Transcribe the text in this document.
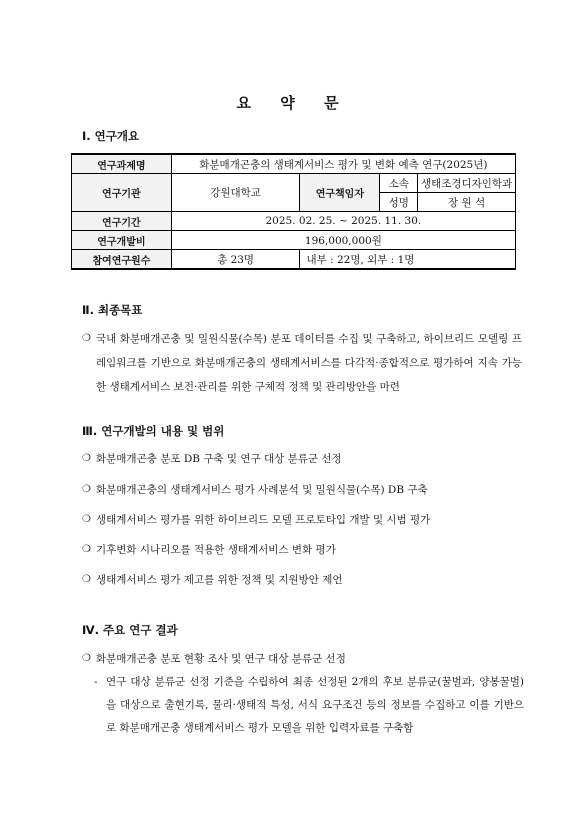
요 약 문
Ⅰ. 연구개요
연구과제명	화분매개곤충의 생태계서비스 평가 및 변화 예측 연구(2025년)			
연구기관	강원대학교	연구책임자	소속	생태조경디자인학과
			성명	장 원 석
연구기간	2025. 02. 25. ~ 2025. 11. 30.			
연구개발비	196,000,000원			
참여연구원수	총 23명	내부 : 22명, 외부 : 1명		
Ⅱ. 최종목표
❍ 국내 화분매개곤충 및 밀원식물(수목) 분포 데이터를 수집 및 구축하고, 하이브리드 모델링 프레임워크를 기반으로 화분매개곤충의 생태계서비스를 다각적·종합적으로 평가하여 지속 가능한 생태계서비스 보전·관리를 위한 구체적 정책 및 관리방안을 마련
Ⅲ. 연구개발의 내용 및 범위
❍ 화분매개곤충 분포 DB 구축 및 연구 대상 분류군 선정
❍ 화분매개곤충의 생태계서비스 평가 사례분석 및 밀원식물(수목) DB 구축
❍ 생태계서비스 평가를 위한 하이브리드 모델 프로토타입 개발 및 시범 평가
❍ 기후변화 시나리오를 적용한 생태계서비스 변화 평가
❍ 생태계서비스 평가 제고를 위한 정책 및 지원방안 제언
Ⅳ. 주요 연구 결과
❍ 화분매개곤충 분포 현황 조사 및 연구 대상 분류군 선정
- 연구 대상 분류군 선정 기준을 수립하여 최종 선정된 2개의 후보 분류군(꿀벌과, 양봉꿀벌)을 대상으로 출현기록, 물리·생태적 특성, 서식 요구조건 등의 정보를 수집하고 이를 기반으로 화분매개곤충 생태계서비스 평가 모델을 위한 입력자료를 구축함
